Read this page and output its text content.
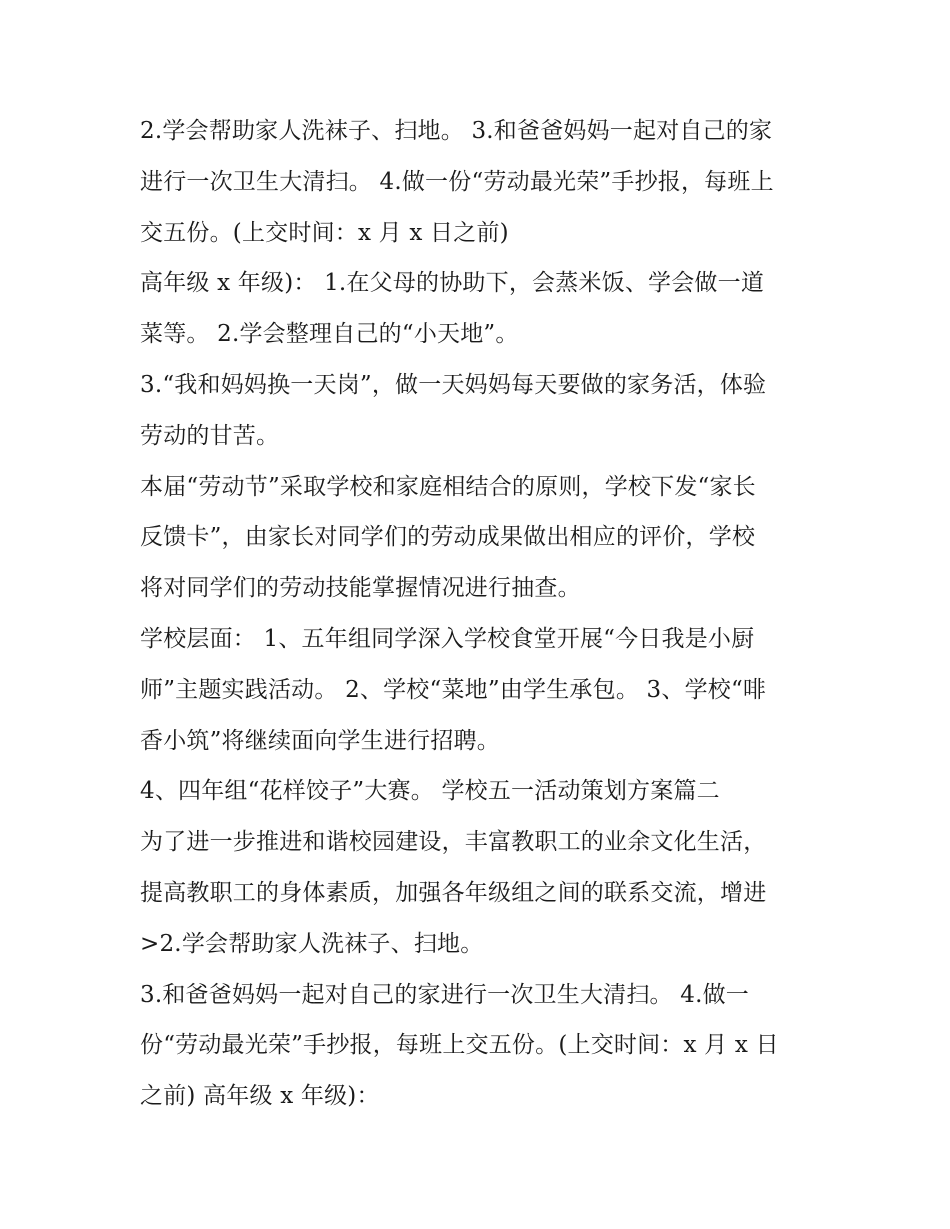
2.学会帮助家人洗袜子、扫地。 3.和爸爸妈妈一起对自己的家
进行一次卫生大清扫。 4.做一份“劳动最光荣”手抄报，每班上
交五份。(上交时间：x 月 x 日之前)
高年级 x 年级)： 1.在父母的协助下，会蒸米饭、学会做一道
菜等。 2.学会整理自己的“小天地”。
3.“我和妈妈换一天岗”，做一天妈妈每天要做的家务活，体验
劳动的甘苦。
本届“劳动节”采取学校和家庭相结合的原则，学校下发“家长
反馈卡”，由家长对同学们的劳动成果做出相应的评价，学校
将对同学们的劳动技能掌握情况进行抽查。
学校层面： 1、五年组同学深入学校食堂开展“今日我是小厨
师”主题实践活动。 2、学校“菜地”由学生承包。 3、学校“啡
香小筑”将继续面向学生进行招聘。
4、四年组“花样饺子”大赛。 学校五一活动策划方案篇二
为了进一步推进和谐校园建设，丰富教职工的业余文化生活，
提高教职工的身体素质，加强各年级组之间的联系交流，增进
>2.学会帮助家人洗袜子、扫地。
3.和爸爸妈妈一起对自己的家进行一次卫生大清扫。 4.做一
份“劳动最光荣”手抄报，每班上交五份。(上交时间：x 月 x 日
之前) 高年级 x 年级)：
